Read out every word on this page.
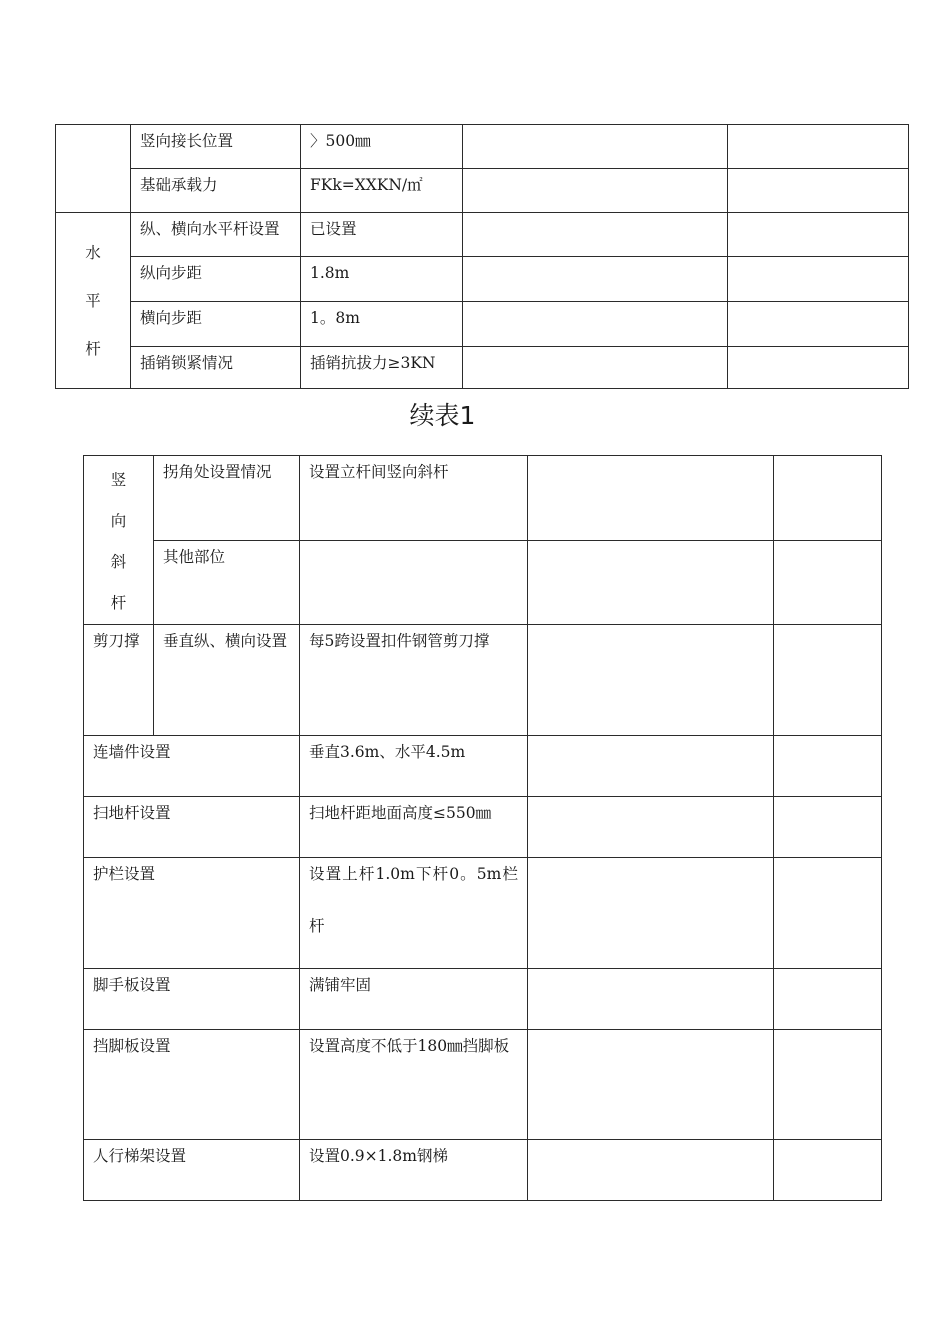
	竖向接长位置	〉500㎜		
	基础承载力	FKk=XXKN/㎡		

水
平
杆	纵、横向水平杆设置	已设置		
	纵向步距	1.8m		
	横向步距	1。8m		
	插销锁紧情况	插销抗拔力≥3KN		
续表1
竖
向
斜
杆	拐角处设置情况	设置立杆间竖向斜杆		
	其他部位			
剪刀撑	垂直纵、横向设置	每5跨设置扣件钢管剪刀撑		
连墙件设置		垂直3.6m、水平4.5m		
扫地杆设置		扫地杆距地面高度≤550㎜		
护栏设置		设置上杆1.0m下杆0。5m栏杆		

脚手板设置		满铺牢固		
挡脚板设置		设置高度不低于180㎜挡脚板		

人行梯架设置		设置0.9×1.8m钢梯		
